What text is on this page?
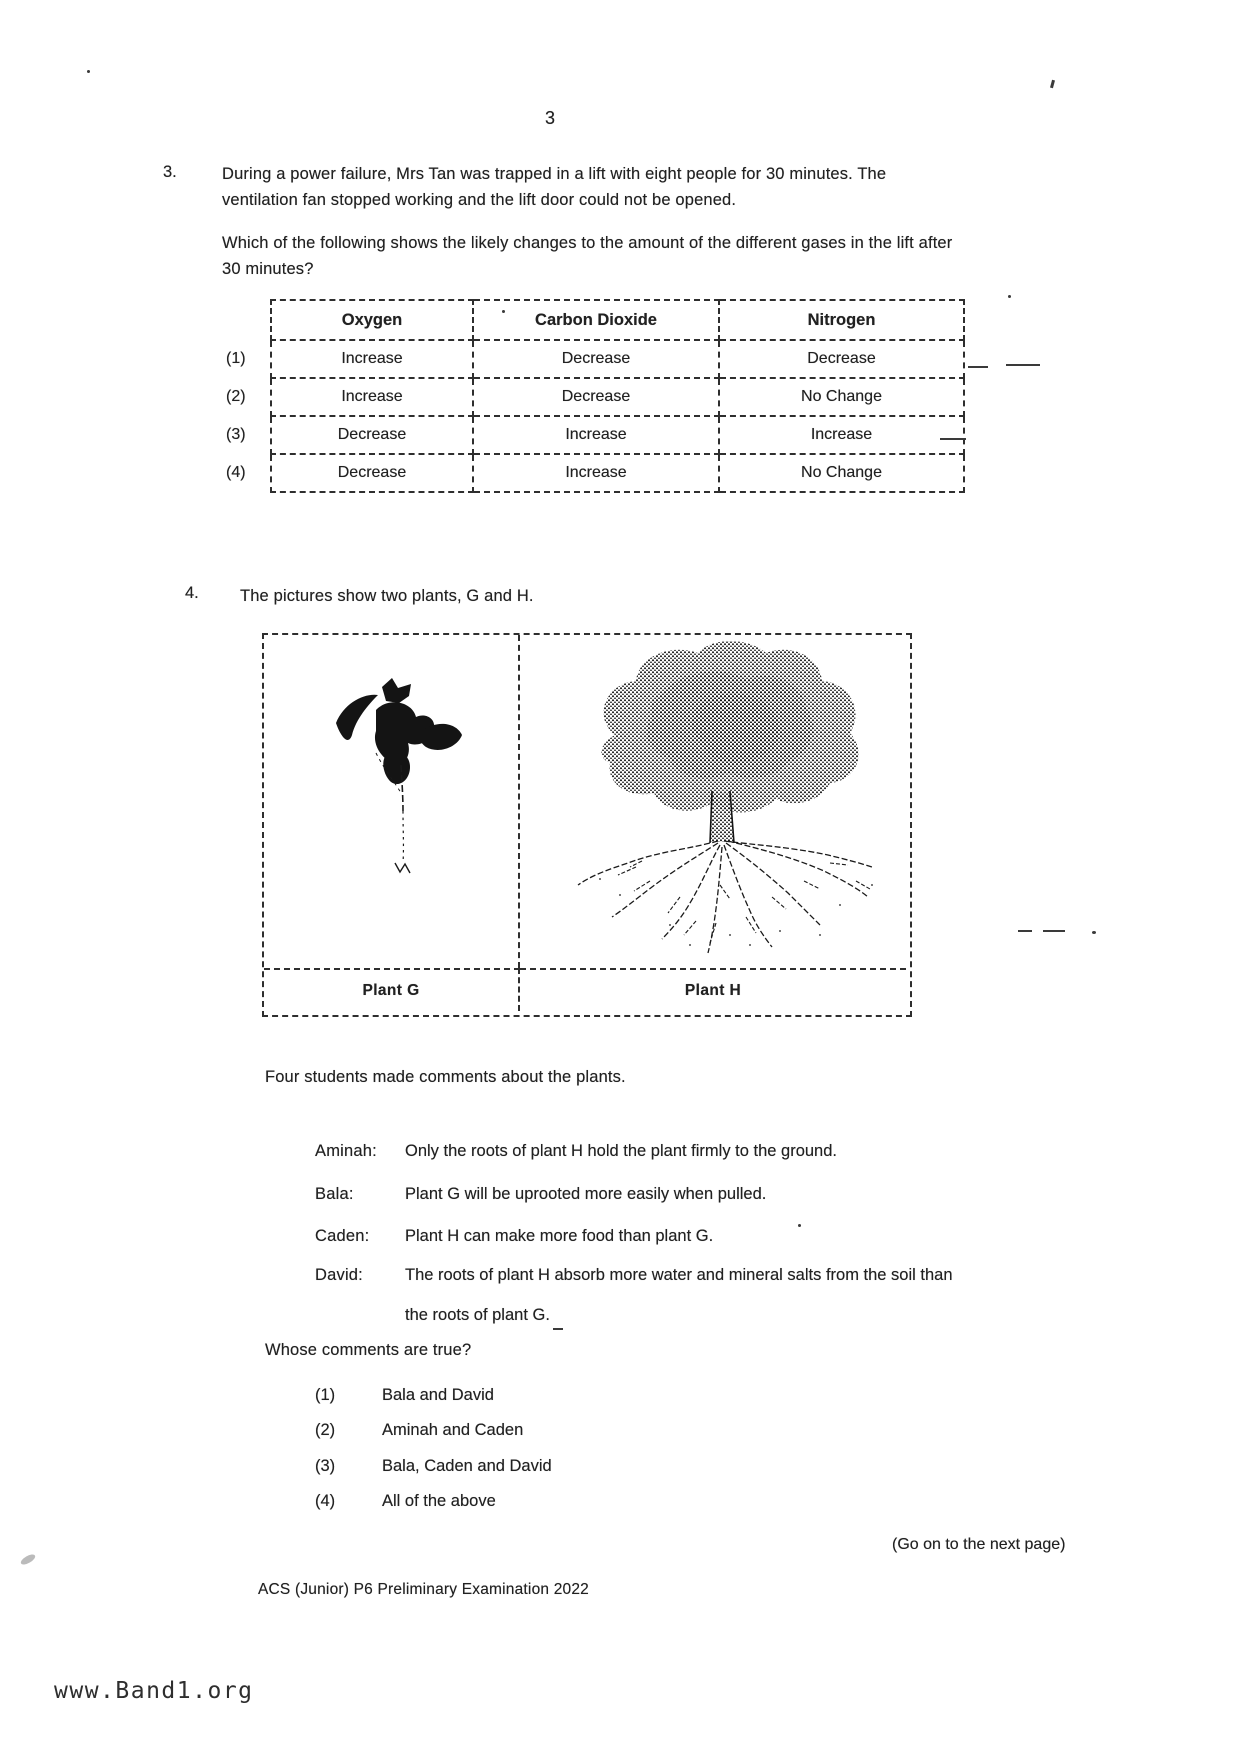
3
3.	During a power failure, Mrs Tan was trapped in a lift with eight people for 30 minutes. The ventilation fan stopped working and the lift door could not be opened.
Which of the following shows the likely changes to the amount of the different gases in the lift after 30 minutes?
	Oxygen	Carbon Dioxide	Nitrogen
(1)	Increase	Decrease	Decrease
(2)	Increase	Decrease	No Change
(3)	Decrease	Increase	Increase
(4)	Decrease	Increase	No Change
4. The pictures show two plants, G and H.
Plant G	Plant H
Four students made comments about the plants.
Aminah:	Only the roots of plant H hold the plant firmly to the ground.
Bala:	Plant G will be uprooted more easily when pulled.
Caden:	Plant H can make more food than plant G.
David:	The roots of plant H absorb more water and mineral salts from the soil than the roots of plant G.
Whose comments are true?
(1)	Bala and David
(2)	Aminah and Caden
(3)	Bala, Caden and David
(4)	All of the above
(Go on to the next page)
ACS (Junior) P6 Preliminary Examination 2022
www.Band1.org
